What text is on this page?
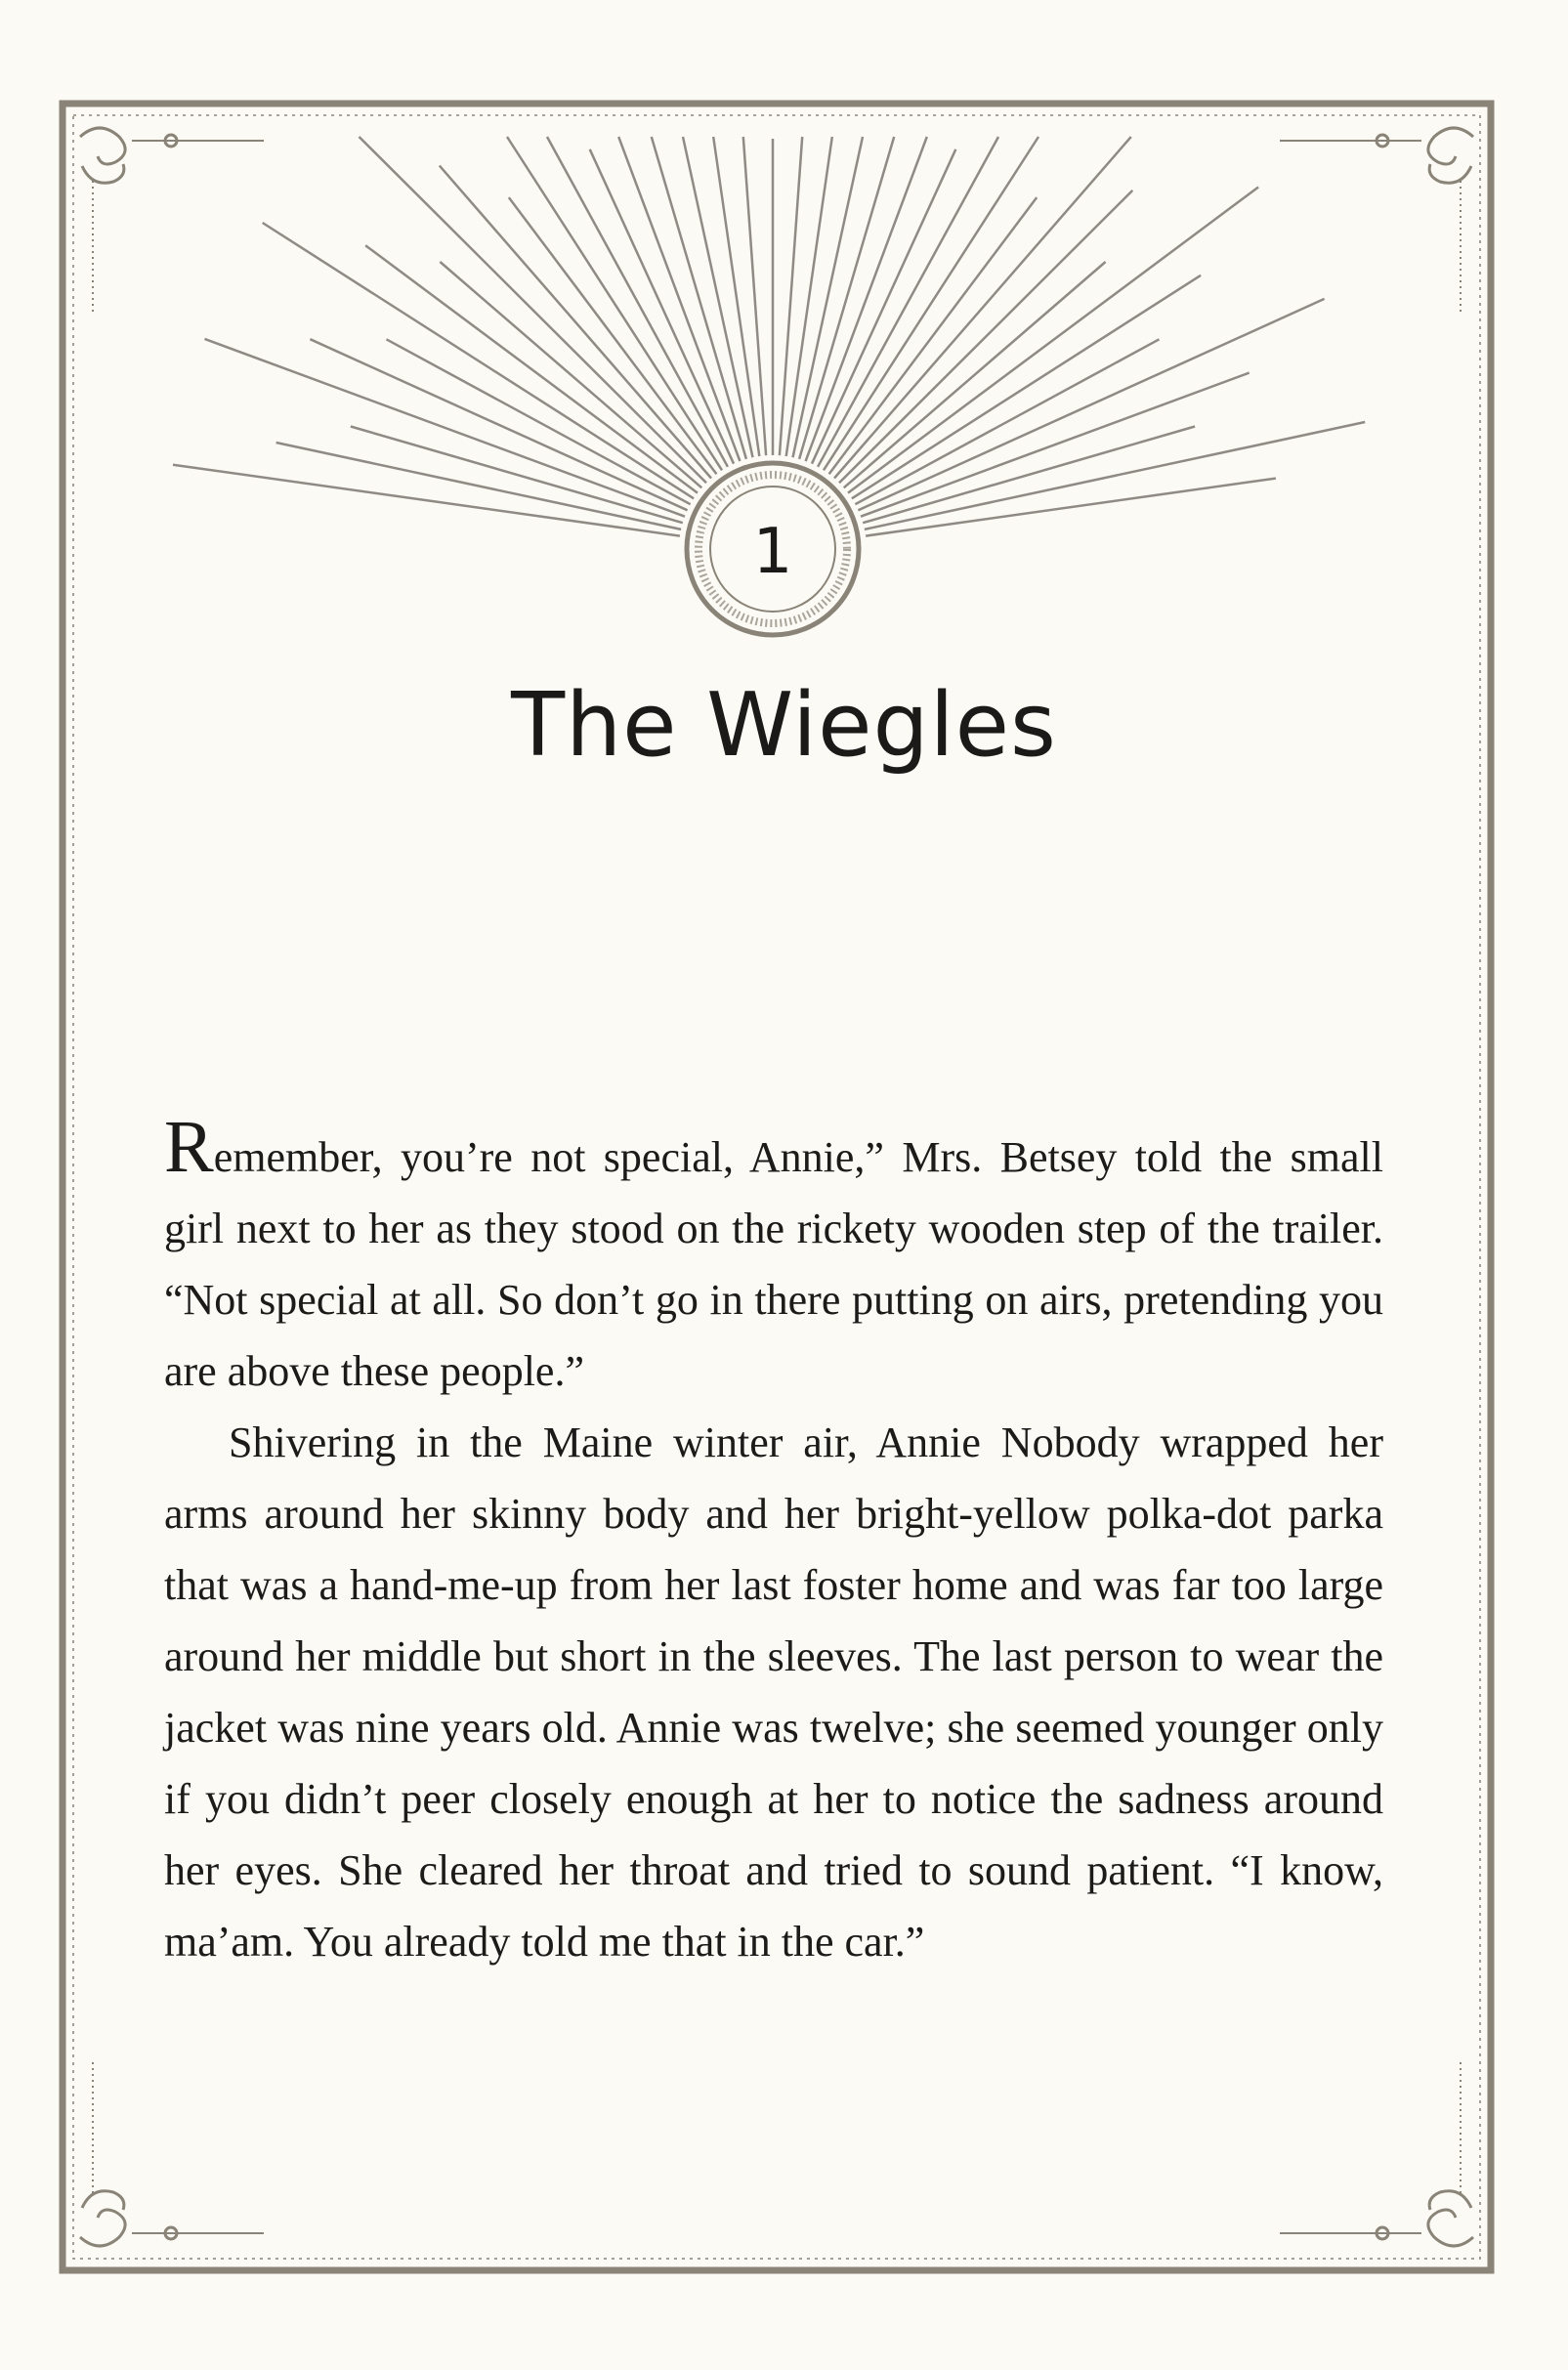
1
The Wiegles

Remember, you’re not special, Annie,” Mrs. Betsey told the small girl next to her as they stood on the rickety wooden step of the trailer. “Not special at all. So don’t go in there putting on airs, pretending you are above these people.”

Shivering in the Maine winter air, Annie Nobody wrapped her arms around her skinny body and her bright-yellow polka-dot parka that was a hand-me-up from her last foster home and was far too large around her middle but short in the sleeves. The last person to wear the jacket was nine years old. Annie was twelve; she seemed younger only if you didn’t peer closely enough at her to notice the sadness around her eyes. She cleared her throat and tried to sound patient. “I know, ma’am. You already told me that in the car.”
